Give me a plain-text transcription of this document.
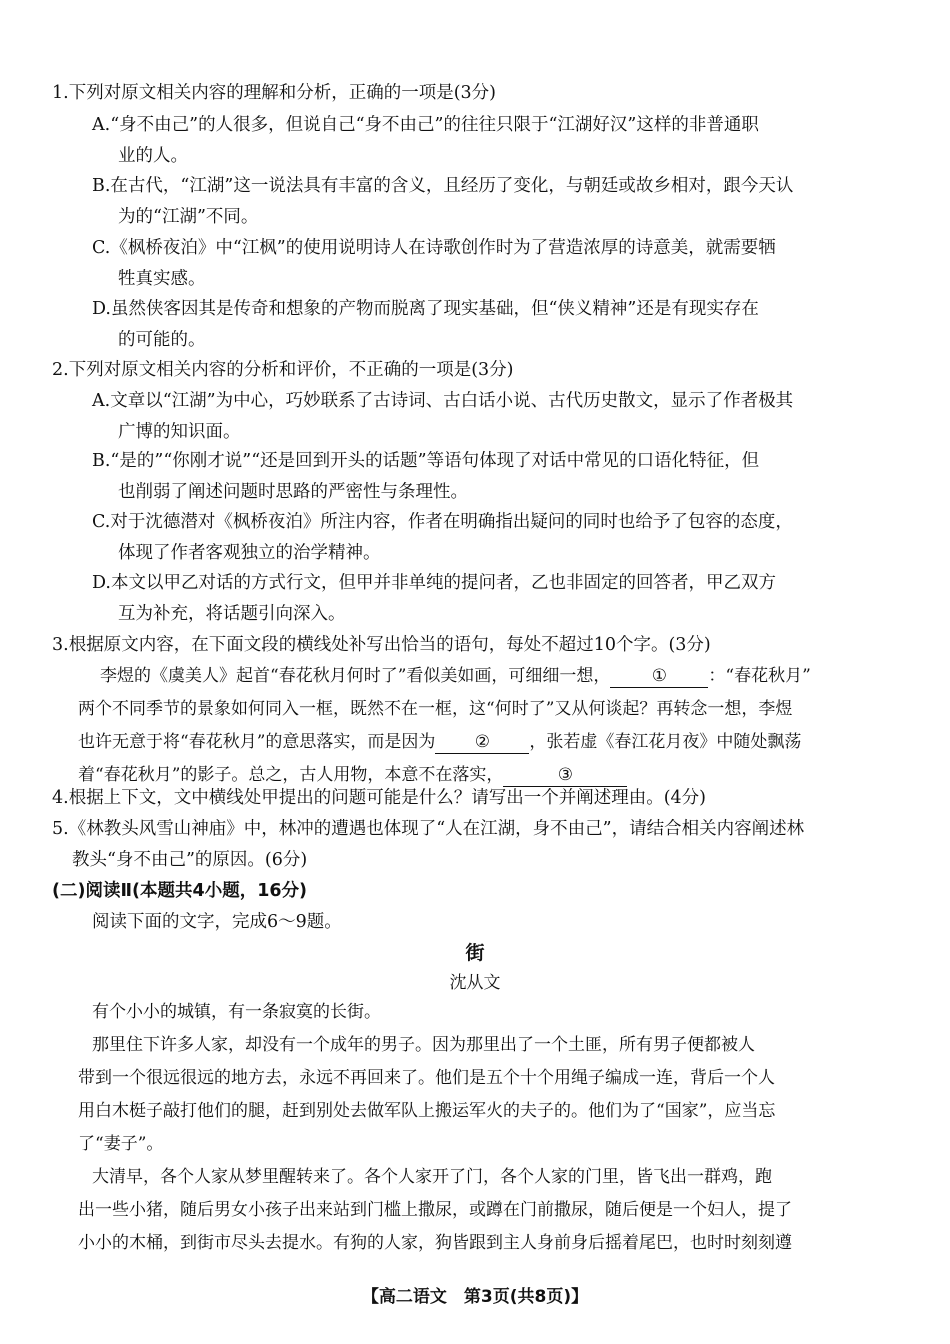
1.下列对原文相关内容的理解和分析，正确的一项是(3分)
A.“身不由己”的人很多，但说自己“身不由己”的往往只限于“江湖好汉”这样的非普通职
业的人。
B.在古代，“江湖”这一说法具有丰富的含义，且经历了变化，与朝廷或故乡相对，跟今天认
为的“江湖”不同。
C.《枫桥夜泊》中“江枫”的使用说明诗人在诗歌创作时为了营造浓厚的诗意美，就需要牺
牲真实感。
D.虽然侠客因其是传奇和想象的产物而脱离了现实基础，但“侠义精神”还是有现实存在
的可能的。
2.下列对原文相关内容的分析和评价，不正确的一项是(3分)
A.文章以“江湖”为中心，巧妙联系了古诗词、古白话小说、古代历史散文，显示了作者极其
广博的知识面。
B.“是的”“你刚才说”“还是回到开头的话题”等语句体现了对话中常见的口语化特征，但
也削弱了阐述问题时思路的严密性与条理性。
C.对于沈德潜对《枫桥夜泊》所注内容，作者在明确指出疑问的同时也给予了包容的态度，
体现了作者客观独立的治学精神。
D.本文以甲乙对话的方式行文，但甲并非单纯的提问者，乙也非固定的回答者，甲乙双方
互为补充，将话题引向深入。
3.根据原文内容，在下面文段的横线处补写出恰当的语句，每处不超过10个字。(3分)
李煜的《虞美人》起首“春花秋月何时了”看似美如画，可细细一想， ① ：“春花秋月”
两个不同季节的景象如何同入一框，既然不在一框，这“何时了”又从何谈起？再转念一想，李煜
也许无意于将“春花秋月”的意思落实，而是因为 ② ，张若虚《春江花月夜》中随处飘荡
着“春花秋月”的影子。总之，古人用物，本意不在落实，	③
4.根据上下文，文中横线处甲提出的问题可能是什么？请写出一个并阐述理由。(4分)
5.《林教头风雪山神庙》中，林冲的遭遇也体现了“人在江湖，身不由己”，请结合相关内容阐述林
教头“身不由己”的原因。(6分)
(二)阅读Ⅱ(本题共4小题，16分)
阅读下面的文字，完成6～9题。
街
沈从文
有个小小的城镇，有一条寂寞的长街。
那里住下许多人家，却没有一个成年的男子。因为那里出了一个土匪，所有男子便都被人
带到一个很远很远的地方去，永远不再回来了。他们是五个十个用绳子编成一连，背后一个人
用白木梃子敲打他们的腿，赶到别处去做军队上搬运军火的夫子的。他们为了“国家”，应当忘
了“妻子”。
大清早，各个人家从梦里醒转来了。各个人家开了门，各个人家的门里，皆飞出一群鸡，跑
出一些小猪，随后男女小孩子出来站到门槛上撒尿，或蹲在门前撒尿，随后便是一个妇人，提了
小小的木桶，到街市尽头去提水。有狗的人家，狗皆跟到主人身前身后摇着尾巴，也时时刻刻遵
【高二语文　第3页(共8页)】
